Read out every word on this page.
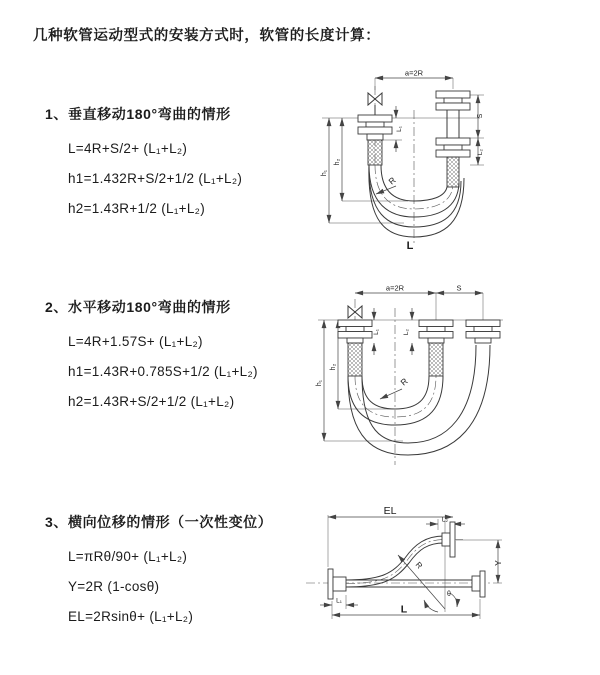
几种软管运动型式的安装方式时，软管的长度计算：
1、垂直移动180°弯曲的情形
L=4R+S/2+ (L₁+L₂)
h1=1.432R+S/2+1/2 (L₁+L₂)
h2=1.43R+1/2 (L₁+L₂)
2、水平移动180°弯曲的情形
L=4R+1.57S+ (L₁+L₂)
h1=1.43R+0.785S+1/2 (L₁+L₂)
h2=1.43R+S/2+1/2 (L₁+L₂)
3、横向位移的情形（一次性变位）
L=πRθ/90+ (L₁+L₂)
Y=2R (1-cosθ)
EL=2Rsinθ+ (L₁+L₂)
a=2R
S
L₂
L₁
h₂
h₁
R
L
a=2R	S
L₁	L₂
h₂
h₁	R
EL
L₂
Y
R
θ
L
L₁
